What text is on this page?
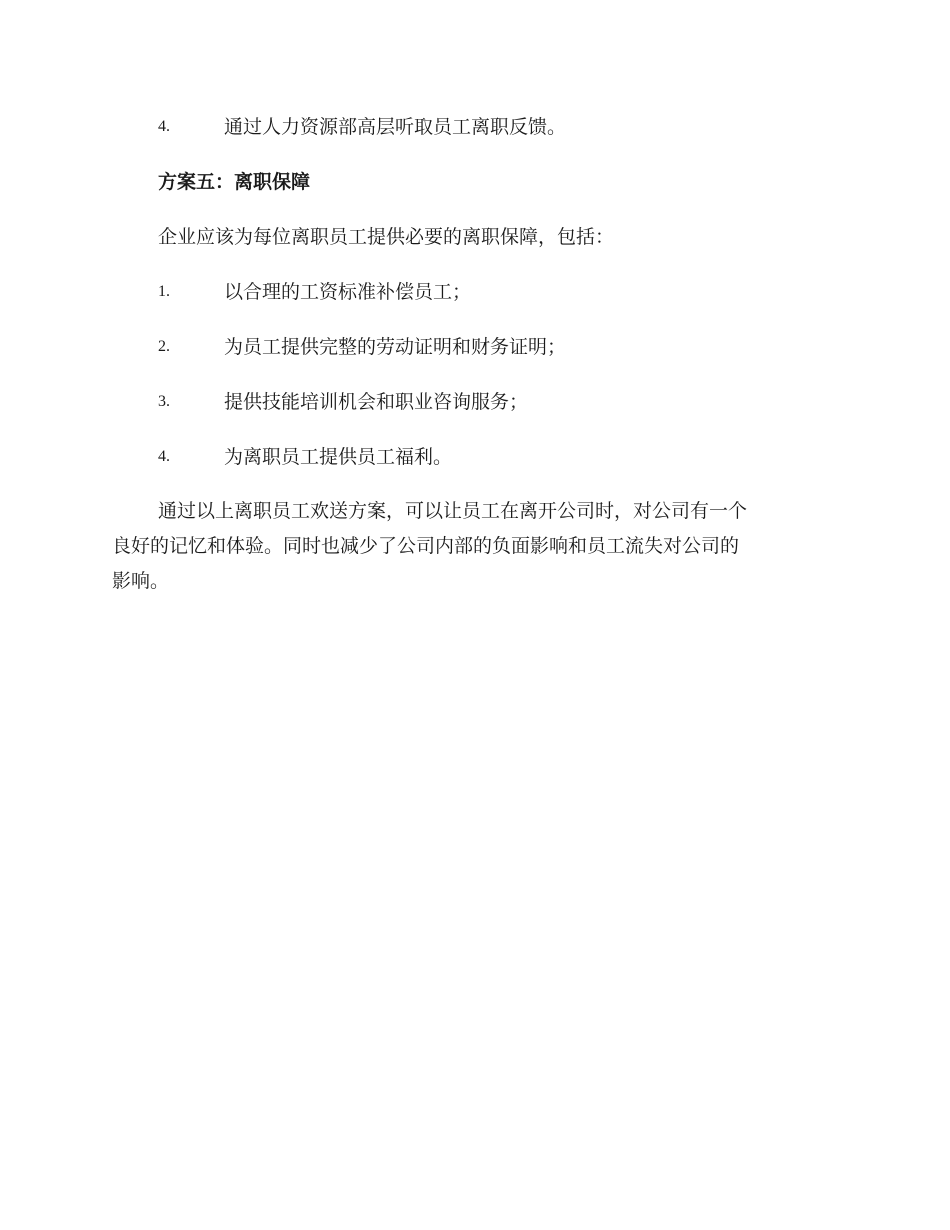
4.	通过人力资源部高层听取员工离职反馈。
方案五：离职保障
企业应该为每位离职员工提供必要的离职保障，包括：
1.	以合理的工资标准补偿员工；
2.	为员工提供完整的劳动证明和财务证明；
3.	提供技能培训机会和职业咨询服务；
4.	为离职员工提供员工福利。
通过以上离职员工欢送方案，可以让员工在离开公司时，对公司有一个
良好的记忆和体验。同时也减少了公司内部的负面影响和员工流失对公司的
影响。
